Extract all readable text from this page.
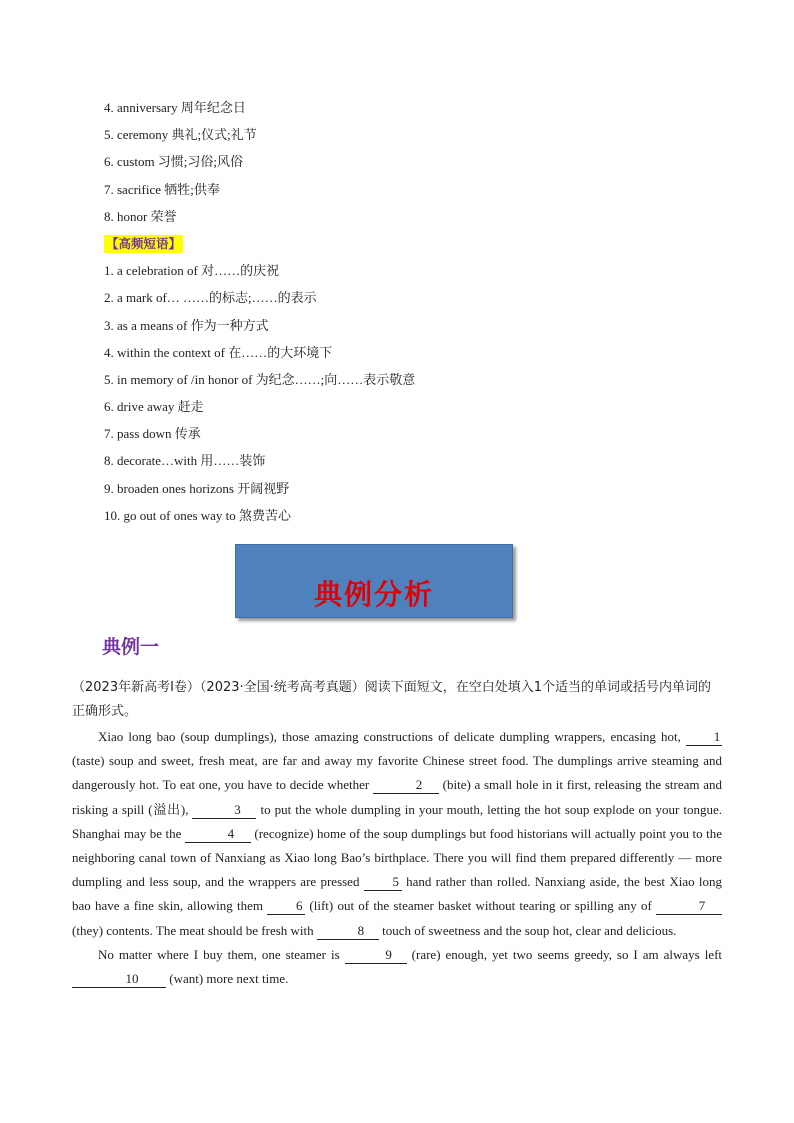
4. anniversary 周年纪念日
5. ceremony 典礼;仪式;礼节
6. custom 习惯;习俗;风俗
7. sacrifice 牺牲;供奉
8. honor 荣誉
【高频短语】
1. a celebration of 对……的庆祝
2. a mark of… ……的标志;……的表示
3. as a means of 作为一种方式
4. within the context of 在……的大环境下
5. in memory of /in honor of 为纪念……;向……表示敬意
6. drive away 赶走
7. pass down 传承
8. decorate…with 用……装饰
9. broaden ones horizons 开阔视野
10. go out of ones way to 煞费苦心
典例分析
典例一
（2023年新高考Ⅰ卷）（2023·全国·统考高考真题）阅读下面短文，在空白处填入1个适当的单词或括号内单词的正确形式。

Xiao long bao (soup dumplings), those amazing constructions of delicate dumpling wrappers, encasing hot,	1 (taste) soup and sweet, fresh meat, are far and away my favorite Chinese street food. The dumplings arrive steaming and dangerously hot. To eat one, you have to decide whether	2 (bite) a small hole in it first, releasing the stream and risking a spill (溢出),	3 to put the whole dumpling in your mouth, letting the hot soup explode on your tongue. Shanghai may be the	4 (recognize) home of the soup dumplings but food historians will actually point you to the neighboring canal town of Nanxiang as Xiao long Bao’s birthplace. There you will find them prepared differently — more dumpling and less soup, and the wrappers are pressed	5 hand rather than rolled. Nanxiang aside, the best Xiao long bao have a fine skin, allowing them	6 (lift) out of the steamer basket without tearing or spilling any of	7 (they) contents. The meat should be fresh with	8 touch of sweetness and the soup hot, clear and delicious.

No matter where I buy them, one steamer is	9 (rare) enough, yet two seems greedy, so I am always left 10 (want) more next time.
